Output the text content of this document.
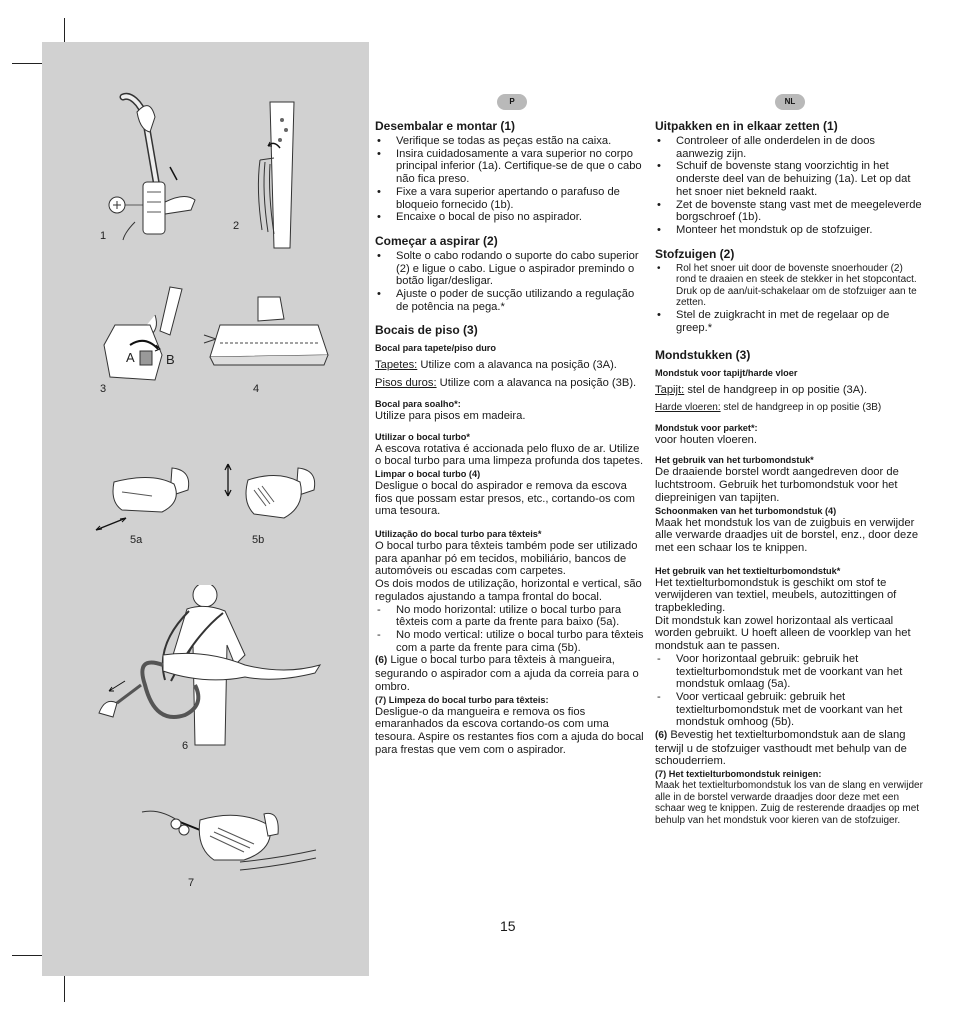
1
2
A B
3	4
5a	5b
6
7
P
Desembalar e montar (1)
• Verifique se todas as peças estão na caixa.
• Insira cuidadosamente a vara superior no corpo principal inferior (1a). Certifique-se de que o cabo não fica preso.
• Fixe a vara superior apertando o parafuso de bloqueio fornecido (1b).
• Encaixe o bocal de piso no aspirador.
Começar a aspirar (2)
• Solte o cabo rodando o suporte do cabo superior (2) e ligue o cabo. Ligue o aspirador premindo o botão ligar/desligar.
• Ajuste o poder de sucção utilizando a regulação de potência na pega.*
Bocais de piso (3)
Bocal para tapete/piso duro

Tapetes: Utilize com a alavanca na posição (3A).

Pisos duros: Utilize com a alavanca na posição (3B).

Bocal para soalho*:

Utilize para pisos em madeira.

Utilizar o bocal turbo*

A escova rotativa é accionada pelo fluxo de ar. Utilize o bocal turbo para uma limpeza profunda dos tapetes.

Limpar o bocal turbo (4)

Desligue o bocal do aspirador e remova da escova fios que possam estar presos, etc., cortando-os com uma tesoura.

Utilização do bocal turbo para têxteis*

O bocal turbo para têxteis também pode ser utilizado para apanhar pó em tecidos, mobiliário, bancos de automóveis ou escadas com carpetes.

Os dois modos de utilização, horizontal e vertical, são regulados ajustando a tampa frontal do bocal.

- No modo horizontal: utilize o bocal turbo para têxteis com a parte da frente para baixo (5a).
- No modo vertical: utilize o bocal turbo para têxteis com a parte da frente para cima (5b).

(6) Ligue o bocal turbo para têxteis à mangueira, segurando o aspirador com a ajuda da correia para o ombro.

(7) Limpeza do bocal turbo para têxteis:

Desligue-o da mangueira e remova os fios emaranhados da escova cortando-os com uma tesoura. Aspire os restantes fios com a ajuda do bocal para frestas que vem com o aspirador.

NL
Uitpakken en in elkaar zetten (1)
• Controleer of alle onderdelen in de doos aanwezig zijn.
• Schuif de bovenste stang voorzichtig in het onderste deel van de behuizing (1a). Let op dat het snoer niet bekneld raakt.
• Zet de bovenste stang vast met de meegeleverde borgschroef (1b).
• Monteer het mondstuk op de stofzuiger.
Stofzuigen (2)
• Rol het snoer uit door de bovenste snoerhouder (2) rond te draaien en steek de stekker in het stopcontact. Druk op de aan/uit-schakelaar om de stofzuiger aan te zetten.
• Stel de zuigkracht in met de regelaar op de greep.*
Mondstukken (3)
Mondstuk voor tapijt/harde vloer

Tapijt: stel de handgreep in op positie (3A).

Harde vloeren: stel de handgreep in op positie (3B)

Mondstuk voor parket*:

voor houten vloeren.

Het gebruik van het turbomondstuk*

De draaiende borstel wordt aangedreven door de luchtstroom. Gebruik het turbomondstuk voor het diepreinigen van tapijten.

Schoonmaken van het turbomondstuk (4)

Maak het mondstuk los van de zuigbuis en verwijder alle verwarde draadjes uit de borstel, enz., door deze met een schaar los te knippen.

Het gebruik van het textielturbomondstuk*

Het textielturbomondstuk is geschikt om stof te verwijderen van textiel, meubels, autozittingen of trapbekleding.

Dit mondstuk kan zowel horizontaal als verticaal worden gebruikt. U hoeft alleen de voorklep van het mondstuk aan te passen.

- Voor horizontaal gebruik: gebruik het textielturbomondstuk met de voorkant van het mondstuk omlaag (5a).
- Voor verticaal gebruik: gebruik het textielturbomondstuk met de voorkant van het mondstuk omhoog (5b).

(6) Bevestig het textielturbomondstuk aan de slang terwijl u de stofzuiger vasthoudt met behulp van de schouderriem.

(7) Het textielturbomondstuk reinigen:

Maak het textielturbomondstuk los van de slang en verwijder alle in de borstel verwarde draadjes door deze met een schaar weg te knippen. Zuig de resterende draadjes op met behulp van het mondstuk voor kieren van de stofzuiger.

15
